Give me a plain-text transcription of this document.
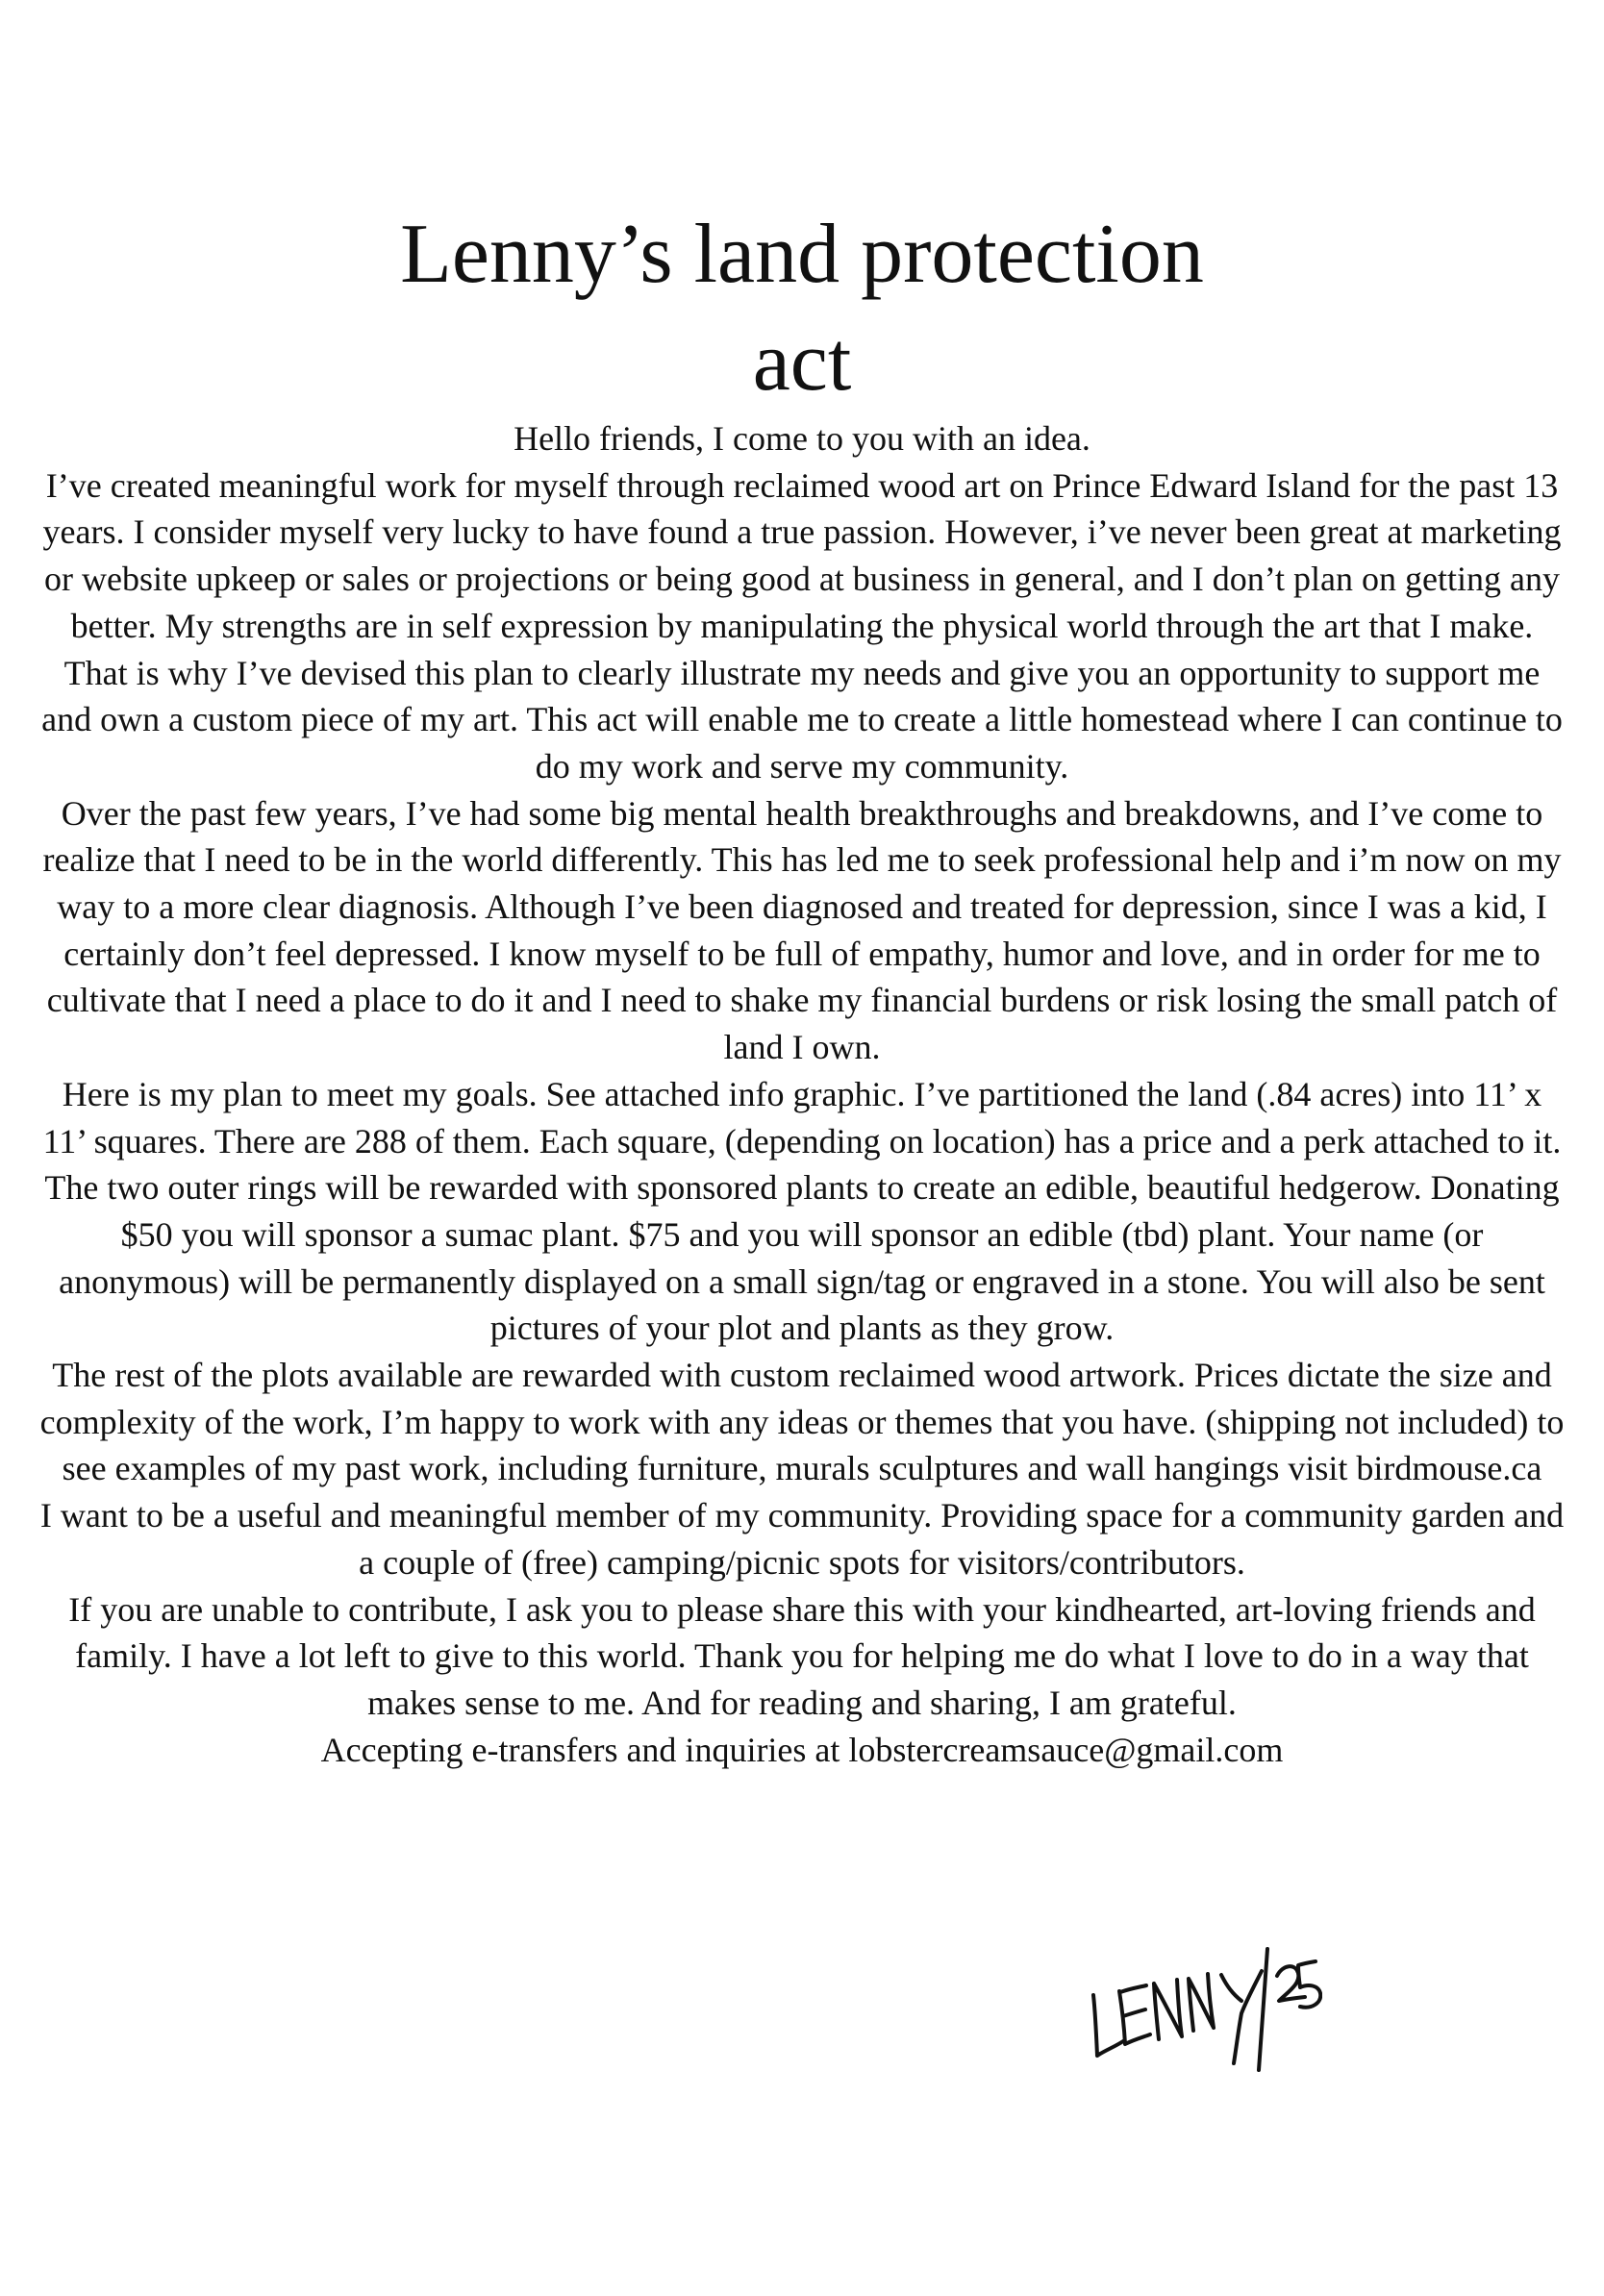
Lenny’s land protection
act

Hello friends, I come to you with an idea.

I’ve created meaningful work for myself through reclaimed wood art on Prince Edward Island for the past 13 years. I consider myself very lucky to have found a true passion. However, i’ve never been great at marketing or website upkeep or sales or projections or being good at business in general, and I don’t plan on getting any better. My strengths are in self expression by manipulating the physical world through the art that I make. That is why I’ve devised this plan to clearly illustrate my needs and give you an opportunity to support me and own a custom piece of my art. This act will enable me to create a little homestead where I can continue to do my work and serve my community.

Over the past few years, I’ve had some big mental health breakthroughs and breakdowns, and I’ve come to realize that I need to be in the world differently. This has led me to seek professional help and i’m now on my way to a more clear diagnosis. Although I’ve been diagnosed and treated for depression, since I was a kid, I certainly don’t feel depressed. I know myself to be full of empathy, humor and love, and in order for me to cultivate that I need a place to do it and I need to shake my financial burdens or risk losing the small patch of land I own.

Here is my plan to meet my goals. See attached info graphic. I’ve partitioned the land (.84 acres) into 11’ x 11’ squares. There are 288 of them. Each square, (depending on location) has a price and a perk attached to it.

The two outer rings will be rewarded with sponsored plants to create an edible, beautiful hedgerow. Donating $50 you will sponsor a sumac plant. $75 and you will sponsor an edible (tbd) plant. Your name (or anonymous) will be permanently displayed on a small sign/tag or engraved in a stone. You will also be sent pictures of your plot and plants as they grow.

The rest of the plots available are rewarded with custom reclaimed wood artwork. Prices dictate the size and complexity of the work, I’m happy to work with any ideas or themes that you have. (shipping not included) to see examples of my past work, including furniture, murals sculptures and wall hangings visit birdmouse.ca

I want to be a useful and meaningful member of my community. Providing space for a community garden and a couple of (free) camping/picnic spots for visitors/contributors.

If you are unable to contribute, I ask you to please share this with your kindhearted, art-loving friends and family. I have a lot left to give to this world. Thank you for helping me do what I love to do in a way that makes sense to me. And for reading and sharing, I am grateful.

Accepting e-transfers and inquiries at lobstercreamsauce@gmail.com
